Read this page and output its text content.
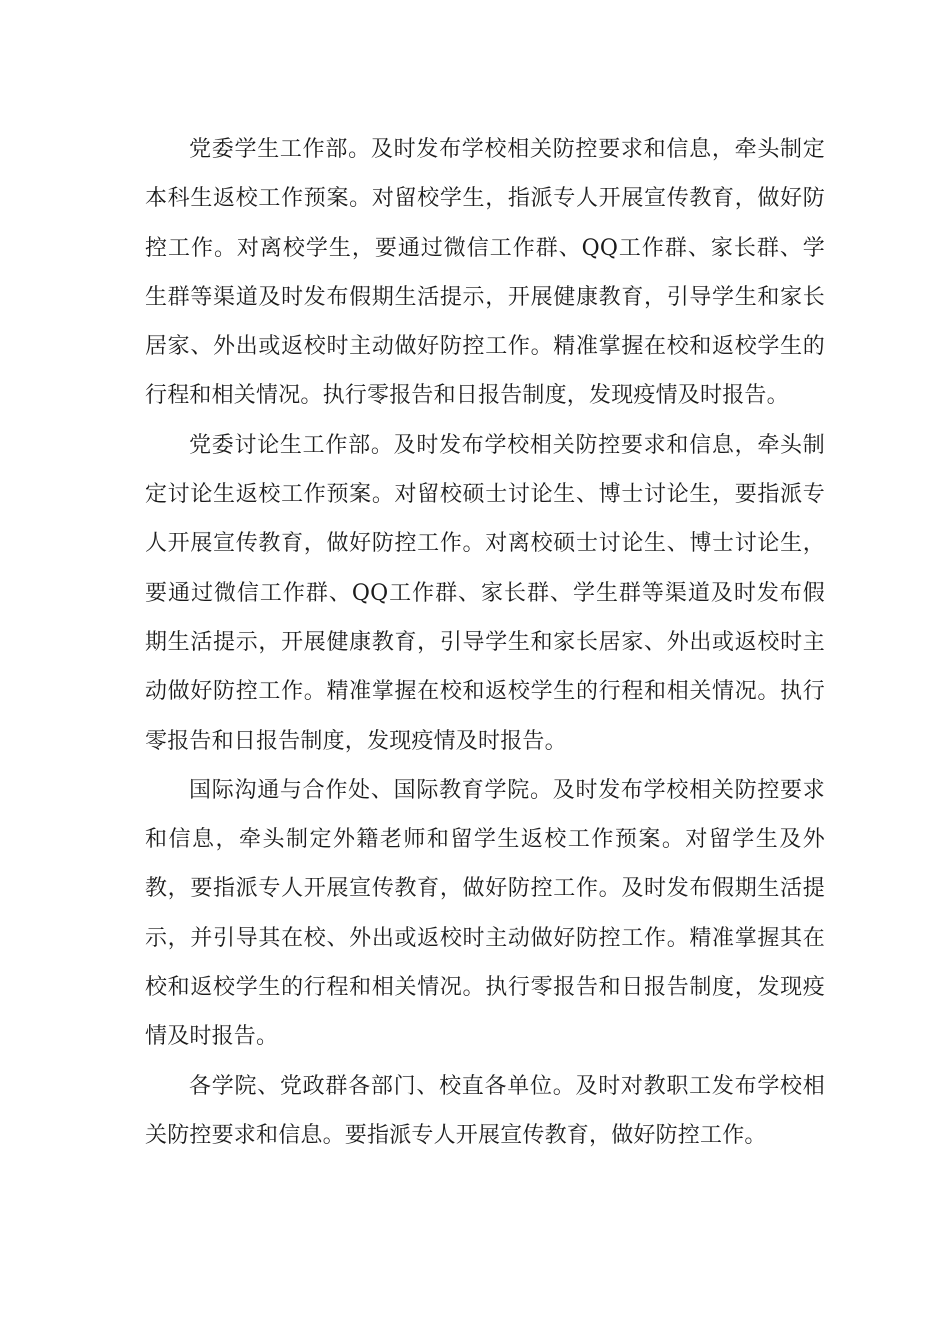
党委学生工作部。及时发布学校相关防控要求和信息，牵头制定本科生返校工作预案。对留校学生，指派专人开展宣传教育，做好防控工作。对离校学生，要通过微信工作群、QQ工作群、家长群、学生群等渠道及时发布假期生活提示，开展健康教育，引导学生和家长居家、外出或返校时主动做好防控工作。精准掌握在校和返校学生的行程和相关情况。执行零报告和日报告制度，发现疫情及时报告。

党委讨论生工作部。及时发布学校相关防控要求和信息，牵头制定讨论生返校工作预案。对留校硕士讨论生、博士讨论生，要指派专人开展宣传教育，做好防控工作。对离校硕士讨论生、博士讨论生，要通过微信工作群、QQ工作群、家长群、学生群等渠道及时发布假期生活提示，开展健康教育，引导学生和家长居家、外出或返校时主动做好防控工作。精准掌握在校和返校学生的行程和相关情况。执行零报告和日报告制度，发现疫情及时报告。

国际沟通与合作处、国际教育学院。及时发布学校相关防控要求和信息，牵头制定外籍老师和留学生返校工作预案。对留学生及外教，要指派专人开展宣传教育，做好防控工作。及时发布假期生活提示，并引导其在校、外出或返校时主动做好防控工作。精准掌握其在校和返校学生的行程和相关情况。执行零报告和日报告制度，发现疫情及时报告。

各学院、党政群各部门、校直各单位。及时对教职工发布学校相关防控要求和信息。要指派专人开展宣传教育，做好防控工作。
